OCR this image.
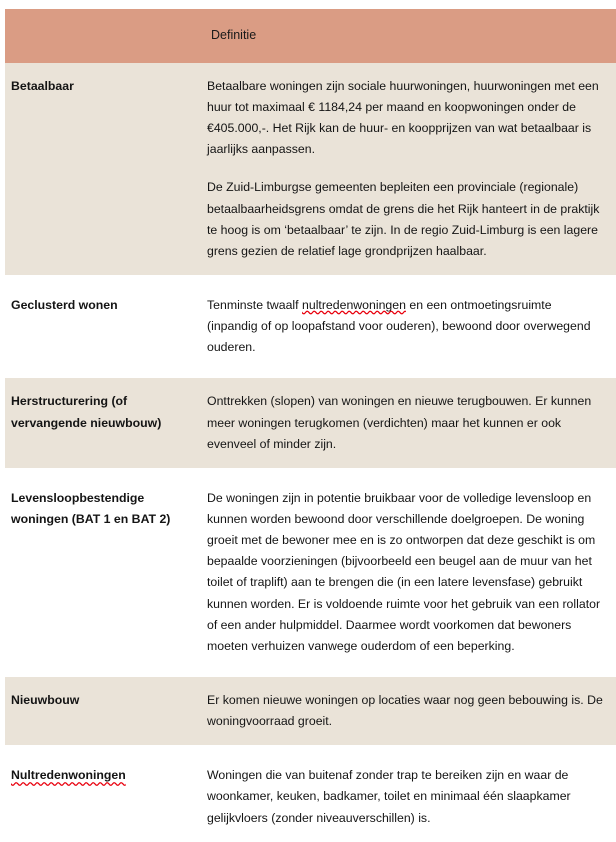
	Definitie
Betaalbaar	Betaalbare woningen zijn sociale huurwoningen, huurwoningen met een huur tot maximaal € 1184,24 per maand en koopwoningen onder de €405.000,-. Het Rijk kan de huur- en koopprijzen van wat betaalbaar is jaarlijks aanpassen.

De Zuid-Limburgse gemeenten bepleiten een provinciale (regionale) betaalbaarheidsgrens omdat de grens die het Rijk hanteert in de praktijk te hoog is om ‘betaalbaar’ te zijn. In de regio Zuid-Limburg is een lagere grens gezien de relatief lage grondprijzen haalbaar.

Geclusterd wonen	Tenminste twaalf nultredenwoningen en een ontmoetingsruimte (inpandig of op loopafstand voor ouderen), bewoond door overwegend ouderen.

Herstructurering (of vervangende nieuwbouw)	Onttrekken (slopen) van woningen en nieuwe terugbouwen. Er kunnen meer woningen terugkomen (verdichten) maar het kunnen er ook evenveel of minder zijn.

Levensloopbestendige woningen (BAT 1 en BAT 2)	De woningen zijn in potentie bruikbaar voor de volledige levensloop en kunnen worden bewoond door verschillende doelgroepen. De woning groeit met de bewoner mee en is zo ontworpen dat deze geschikt is om bepaalde voorzieningen (bijvoorbeeld een beugel aan de muur van het toilet of traplift) aan te brengen die (in een latere levensfase) gebruikt kunnen worden. Er is voldoende ruimte voor het gebruik van een rollator of een ander hulpmiddel. Daarmee wordt voorkomen dat bewoners moeten verhuizen vanwege ouderdom of een beperking.

Nieuwbouw	Er komen nieuwe woningen op locaties waar nog geen bebouwing is. De woningvoorraad groeit.

Nultredenwoningen	Woningen die van buitenaf zonder trap te bereiken zijn en waar de woonkamer, keuken, badkamer, toilet en minimaal één slaapkamer gelijkvloers (zonder niveauverschillen) is.
